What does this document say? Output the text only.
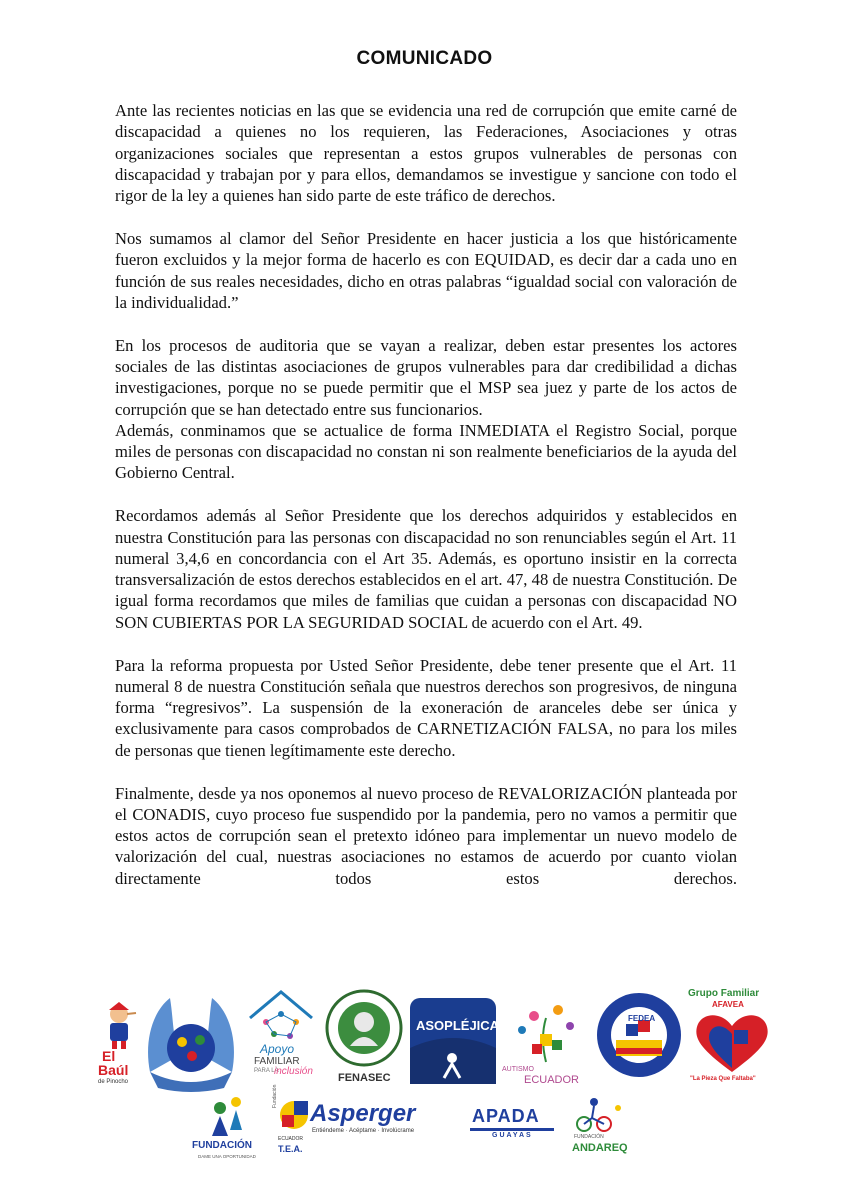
COMUNICADO

Ante las recientes noticias en las que se evidencia una red de corrupción que emite carné de discapacidad a quienes no los requieren, las Federaciones, Asociaciones y otras organizaciones sociales que representan a estos grupos vulnerables de personas con discapacidad y trabajan por y para ellos, demandamos se investigue y sancione con todo el rigor de la ley a quienes han sido parte de este tráfico de derechos.

Nos sumamos al clamor del Señor Presidente en hacer justicia a los que históricamente fueron excluidos y la mejor forma de hacerlo es con EQUIDAD, es decir dar a cada uno en función de sus reales necesidades, dicho en otras palabras “igualdad social con valoración de la individualidad.”

En los procesos de auditoria que se vayan a realizar, deben estar presentes los actores sociales de las distintas asociaciones de grupos vulnerables para dar credibilidad a dichas investigaciones, porque no se puede permitir que el MSP sea juez y parte de los actos de corrupción que se han detectado entre sus funcionarios.

Además, conminamos que se actualice de forma INMEDIATA el Registro Social, porque miles de personas con discapacidad no constan ni son realmente beneficiarios de la ayuda del Gobierno Central.

Recordamos además al Señor Presidente que los derechos adquiridos y establecidos en nuestra Constitución para las personas con discapacidad no son renunciables según el Art. 11 numeral 3,4,6 en concordancia con el Art 35. Además, es oportuno insistir en la correcta transversalización de estos derechos establecidos en el art. 47, 48 de nuestra Constitución. De igual forma recordamos que miles de familias que cuidan a personas con discapacidad NO SON CUBIERTAS POR LA SEGURIDAD SOCIAL de acuerdo con el Art. 49.

Para la reforma propuesta por Usted Señor Presidente, debe tener presente que el Art. 11 numeral 8 de nuestra Constitución señala que nuestros derechos son progresivos, de ninguna forma “regresivos”. La suspensión de la exoneración de aranceles debe ser única y exclusivamente para casos comprobados de CARNETIZACIÓN FALSA, no para los miles de personas que tienen legítimamente este derecho.

Finalmente, desde ya nos oponemos al nuevo proceso de REVALORIZACIÓN planteada por el CONADIS, cuyo proceso fue suspendido por la pandemia, pero no vamos a permitir que estos actos de corrupción sean el pretexto idóneo para implementar un nuevo modelo de valorización del cual, nuestras asociaciones no estamos de acuerdo por cuanto violan directamente todos estos derechos.

El
Baúl
de Pinocho
Apoyo
FAMILIAR
PARA LA
inclusión
FENASEC
ASOPLÉJICA
AUTISMO
ECUADOR
FEDEA
Grupo Familiar
AFAVEA
"La Pieza Que Faltaba"
FUNDACIÓN
DAME UNA OPORTUNIDAD
Fundación
Asperger
Entiéndeme · Acéptame · Involúcrame
ECUADOR
T.E.A.
APADA
GUAYAS	FUNDACIÓN
ANDAREQ
